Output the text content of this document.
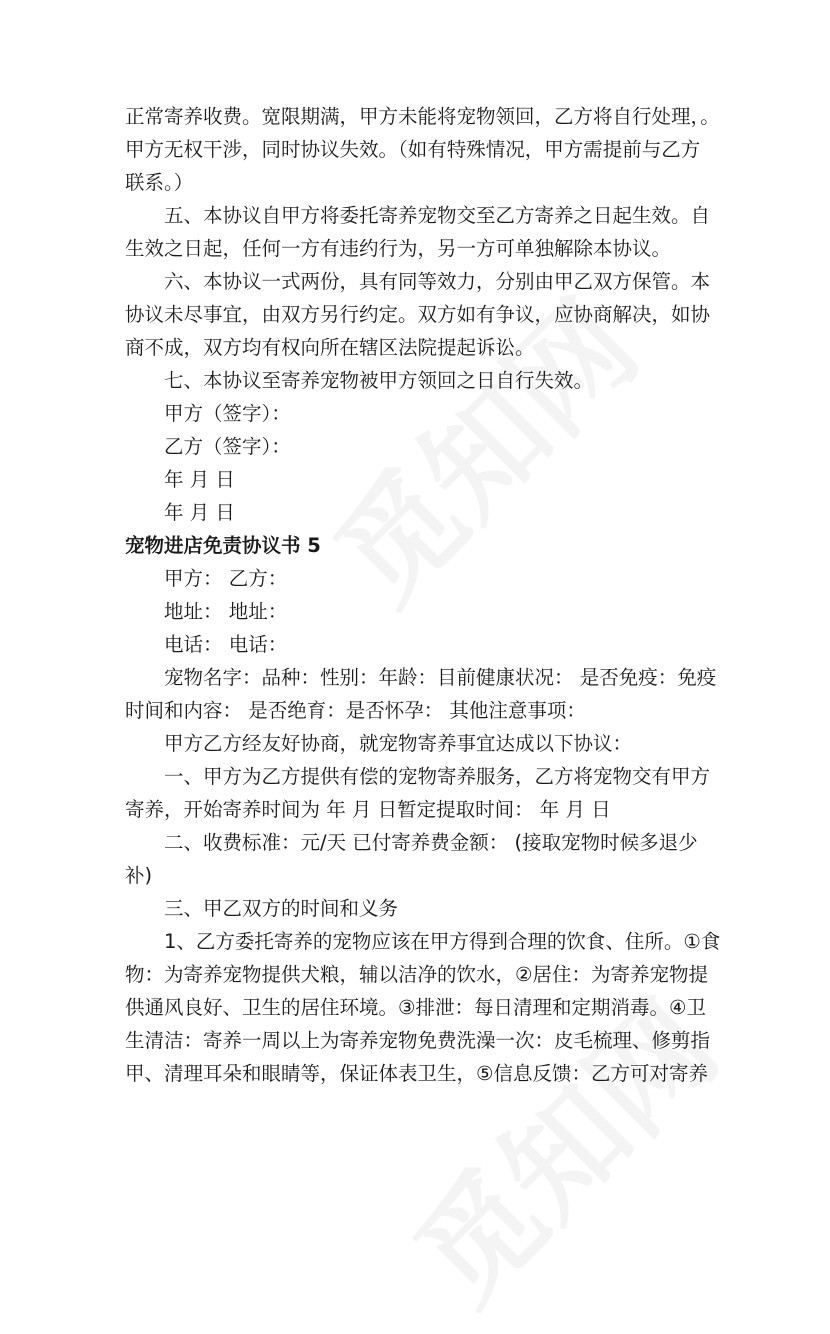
正常寄养收费。宽限期满，甲方未能将宠物领回，乙方将自行处理，。
甲方无权干涉，同时协议失效。（如有特殊情况，甲方需提前与乙方
联系。）
五、本协议自甲方将委托寄养宠物交至乙方寄养之日起生效。自
生效之日起，任何一方有违约行为，另一方可单独解除本协议。
六、本协议一式两份，具有同等效力，分别由甲乙双方保管。本
协议未尽事宜，由双方另行约定。双方如有争议，应协商解决，如协
商不成，双方均有权向所在辖区法院提起诉讼。
七、本协议至寄养宠物被甲方领回之日自行失效。
甲方（签字）：
乙方（签字）：
年 月 日
年 月 日
宠物进店免责协议书 5
甲方： 乙方：
地址： 地址：
电话： 电话：
宠物名字：品种：性别：年龄：目前健康状况： 是否免疫：免疫
时间和内容： 是否绝育：是否怀孕： 其他注意事项：
甲方乙方经友好协商，就宠物寄养事宜达成以下协议：
一、甲方为乙方提供有偿的宠物寄养服务，乙方将宠物交有甲方
寄养，开始寄养时间为 年 月 日暂定提取时间： 年 月 日
二、收费标准：元/天 已付寄养费金额： (接取宠物时候多退少
补)
三、甲乙双方的时间和义务
1、乙方委托寄养的宠物应该在甲方得到合理的饮食、住所。①食
物：为寄养宠物提供犬粮，辅以洁净的饮水，②居住：为寄养宠物提
供通风良好、卫生的居住环境。③排泄：每日清理和定期消毒。④卫
生清洁：寄养一周以上为寄养宠物免费洗澡一次：皮毛梳理、修剪指
甲、清理耳朵和眼睛等，保证体表卫生，⑤信息反馈：乙方可对寄养
